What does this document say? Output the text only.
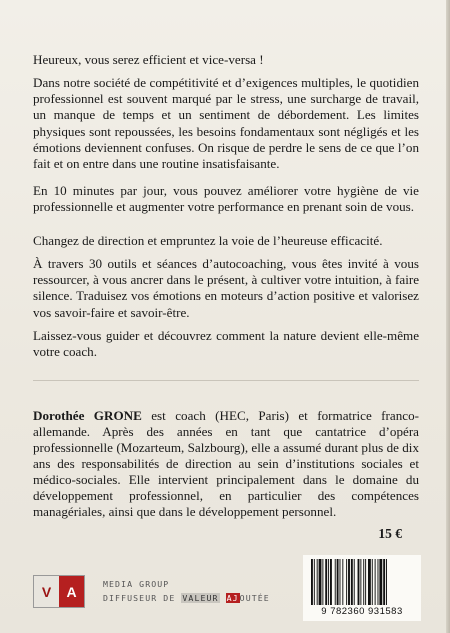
Heureux, vous serez efficient et vice-versa !

Dans notre société de compétitivité et d’exigences multiples, le quotidien professionnel est souvent marqué par le stress, une surcharge de travail, un manque de temps et un sentiment de débordement. Les limites physiques sont repoussées, les besoins fondamentaux sont négligés et les émotions deviennent confuses. On risque de perdre le sens de ce que l’on fait et on entre dans une routine insatisfaisante.

En 10 minutes par jour, vous pouvez améliorer votre hygiène de vie professionnelle et augmenter votre performance en prenant soin de vous.

Changez de direction et empruntez la voie de l’heureuse efficacité.

À travers 30 outils et séances d’autocoaching, vous êtes invité à vous ressourcer, à vous ancrer dans le présent, à cultiver votre intuition, à faire silence. Traduisez vos émotions en moteurs d’action positive et valorisez vos savoir-faire et savoir-être.

Laissez-vous guider et découvrez comment la nature devient elle-même votre coach.

Dorothée GRONE est coach (HEC, Paris) et formatrice franco-allemande. Après des années en tant que cantatrice d’opéra professionnelle (Mozarteum, Salzbourg), elle a assumé durant plus de dix ans des responsabilités de direction au sein d’institutions sociales et médico-sociales. Elle intervient principalement dans le domaine du développement professionnel, en particulier des compétences managériales, ainsi que dans le développement personnel.

15 €
V	A	MEDIA GROUP
DIFFUSEUR DE VALEUR AJOUTÉE
9 782360 931583
